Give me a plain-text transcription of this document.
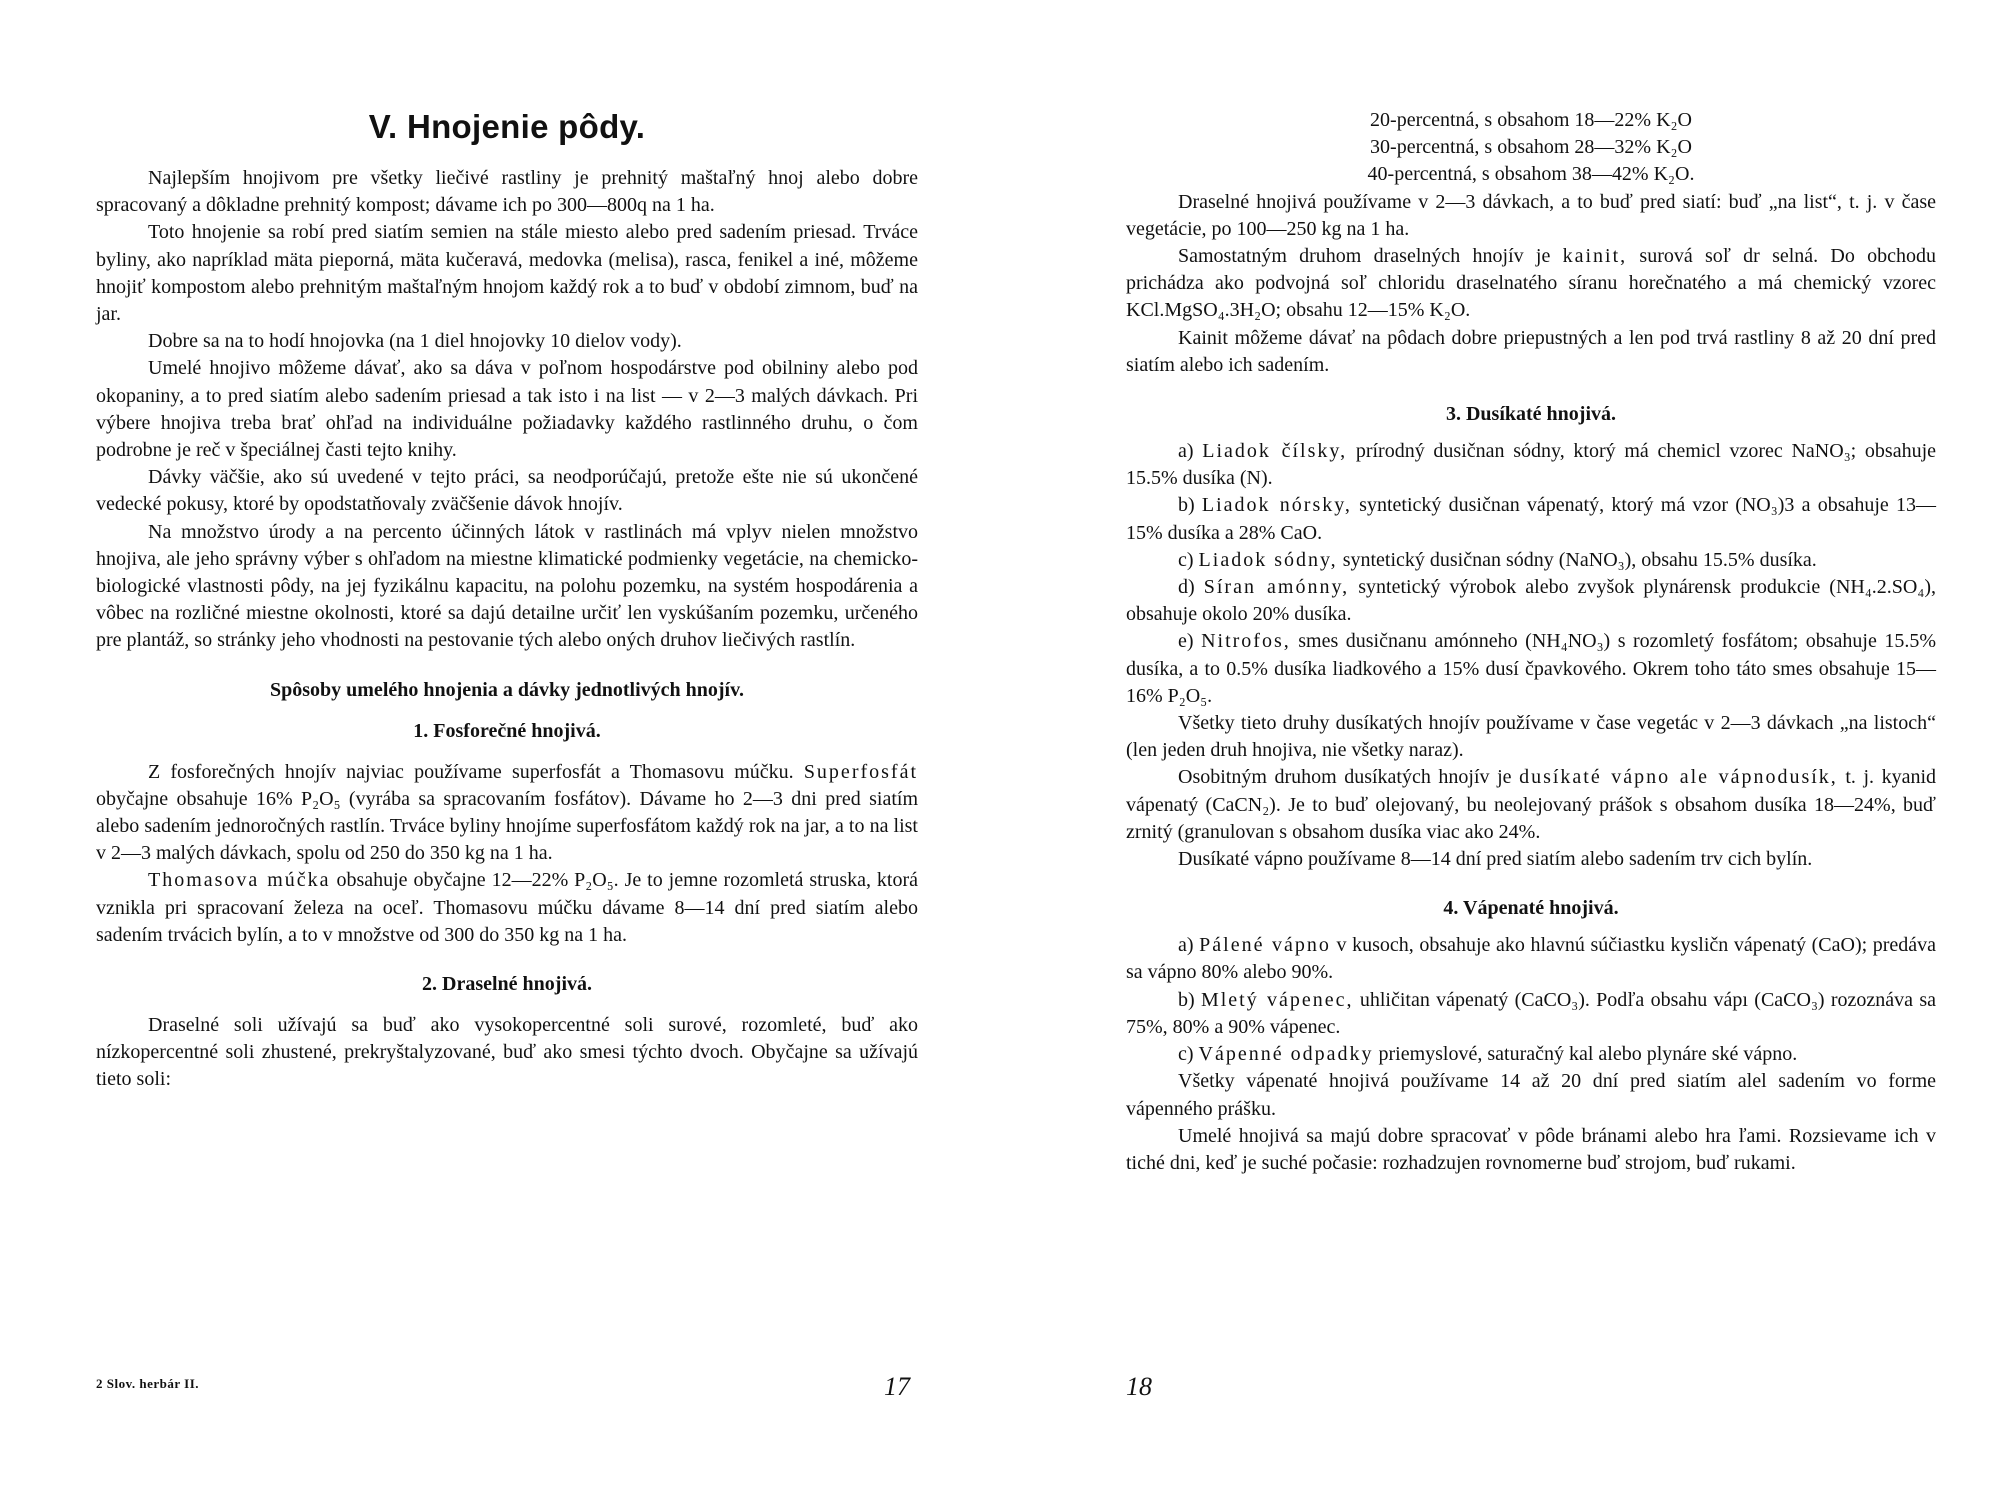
V. Hnojenie pôdy.

Najlepším hnojivom pre všetky liečivé rastliny je prehnitý maštaľný hnoj alebo dobre spracovaný a dôkladne prehnitý kompost; dávame ich po 300—800q na 1 ha.

Toto hnojenie sa robí pred siatím semien na stále miesto alebo pred sadením priesad. Trváce byliny, ako napríklad mäta pieporná, mäta kučeravá, medovka (melisa), rasca, fenikel a iné, môžeme hnojiť kompostom alebo prehnitým maštaľným hnojom každý rok a to buď v období zimnom, buď na jar.

Dobre sa na to hodí hnojovka (na 1 diel hnojovky 10 dielov vody).

Umelé hnojivo môžeme dávať, ako sa dáva v poľnom hospodárstve pod obilniny alebo pod okopaniny, a to pred siatím alebo sadením priesad a tak isto i na list — v 2—3 malých dávkach. Pri výbere hnojiva treba brať ohľad na individuálne požiadavky každého rastlinného druhu, o čom podrobne je reč v špeciálnej časti tejto knihy.

Dávky väčšie, ako sú uvedené v tejto práci, sa neodporúčajú, pretože ešte nie sú ukončené vedecké pokusy, ktoré by opodstatňovaly zväčšenie dávok hnojív.

Na množstvo úrody a na percento účinných látok v rastlinách má vplyv nielen množstvo hnojiva, ale jeho správny výber s ohľadom na miestne klimatické podmienky vegetácie, na chemicko-biologické vlastnosti pôdy, na jej fyzikálnu kapacitu, na polohu pozemku, na systém hospodárenia a vôbec na rozličné miestne okolnosti, ktoré sa dajú detailne určiť len vyskúšaním pozemku, určeného pre plantáž, so stránky jeho vhodnosti na pestovanie tých alebo oných druhov liečivých rastlín.

Spôsoby umelého hnojenia a dávky jednotlivých hnojív.
1. Fosforečné hnojivá.

Z fosforečných hnojív najviac používame superfosfát a Thomasovu múčku. Superfosfát obyčajne obsahuje 16% P₂O₅ (vyrába sa spracovaním fosfátov). Dávame ho 2—3 dni pred siatím alebo sadením jednoročných rastlín. Trváce byliny hnojíme superfosfátom každý rok na jar, a to na list v 2—3 malých dávkach, spolu od 250 do 350 kg na 1 ha.

Thomasova múčka obsahuje obyčajne 12—22% P₂O₅. Je to jemne rozomletá struska, ktorá vznikla pri spracovaní železa na oceľ. Thomasovu múčku dávame 8—14 dní pred siatím alebo sadením trvácich bylín, a to v množstve od 300 do 350 kg na 1 ha.

2. Draselné hnojivá.

Draselné soli užívajú sa buď ako vysokopercentné soli surové, rozomleté, buď ako nízkopercentné soli zhustené, prekryštalyzované, buď ako smesi týchto dvoch. Obyčajne sa užívajú tieto soli:

2 Slov. herbár II.	17
20-percentná, s obsahom 18—22% K₂O
30-percentná, s obsahom 28—32% K₂O
40-percentná, s obsahom 38—42% K₂O.

Draselné hnojivá používame v 2—3 dávkach, a to buď pred siatí: buď „na list“, t. j. v čase vegetácie, po 100—250 kg na 1 ha.

Samostatným druhom draselných hnojív je kainit, surová soľ dr selná. Do obchodu prichádza ako podvojná soľ chloridu draselnatého síranu horečnatého a má chemický vzorec KCl.MgSO₄.3H₂O; obsahu 12—15% K₂O.

Kainit môžeme dávať na pôdach dobre priepustných a len pod trvá rastliny 8 až 20 dní pred siatím alebo ich sadením.

3. Dusíkaté hnojivá.

a) Liadok čílsky, prírodný dusičnan sódny, ktorý má chemicl vzorec NaNO₃; obsahuje 15.5% dusíka (N).

b) Liadok nórsky, syntetický dusičnan vápenatý, ktorý má vzor (NO₃)3 a obsahuje 13—15% dusíka a 28% CaO.

c) Liadok sódny, syntetický dusičnan sódny (NaNO₃), obsahu 15.5% dusíka.

d) Síran amónny, syntetický výrobok alebo zvyšok plynárensk produkcie (NH₄.2.SO₄), obsahuje okolo 20% dusíka.

e) Nitrofos, smes dusičnanu amónneho (NH₄NO₃) s rozomletý fosfátom; obsahuje 15.5% dusíka, a to 0.5% dusíka liadkového a 15% dusí čpavkového. Okrem toho táto smes obsahuje 15—16% P₂O₅.

Všetky tieto druhy dusíkatých hnojív používame v čase vegetác v 2—3 dávkach „na listoch“ (len jeden druh hnojiva, nie všetky naraz).

Osobitným druhom dusíkatých hnojív je dusíkaté vápno ale vápnodusík, t. j. kyanid vápenatý (CaCN₂). Je to buď olejovaný, bu neolejovaný prášok s obsahom dusíka 18—24%, buď zrnitý (granulovan s obsahom dusíka viac ako 24%.

Dusíkaté vápno používame 8—14 dní pred siatím alebo sadením trv cich bylín.

4. Vápenaté hnojivá.

a) Pálené vápno v kusoch, obsahuje ako hlavnú súčiastku kysličn vápenatý (CaO); predáva sa vápno 80% alebo 90%.

b) Mletý vápenec, uhličitan vápenatý (CaCO₃). Podľa obsahu vápı (CaCO₃) rozoznáva sa 75%, 80% a 90% vápenec.

c) Vápenné odpadky priemyslové, saturačný kal alebo plynáre ské vápno.

Všetky vápenaté hnojivá používame 14 až 20 dní pred siatím alel sadením vo forme vápenného prášku.

Umelé hnojivá sa majú dobre spracovať v pôde bránami alebo hra ľami. Rozsievame ich v tiché dni, keď je suché počasie: rozhadzujen rovnomerne buď strojom, buď rukami.

18
